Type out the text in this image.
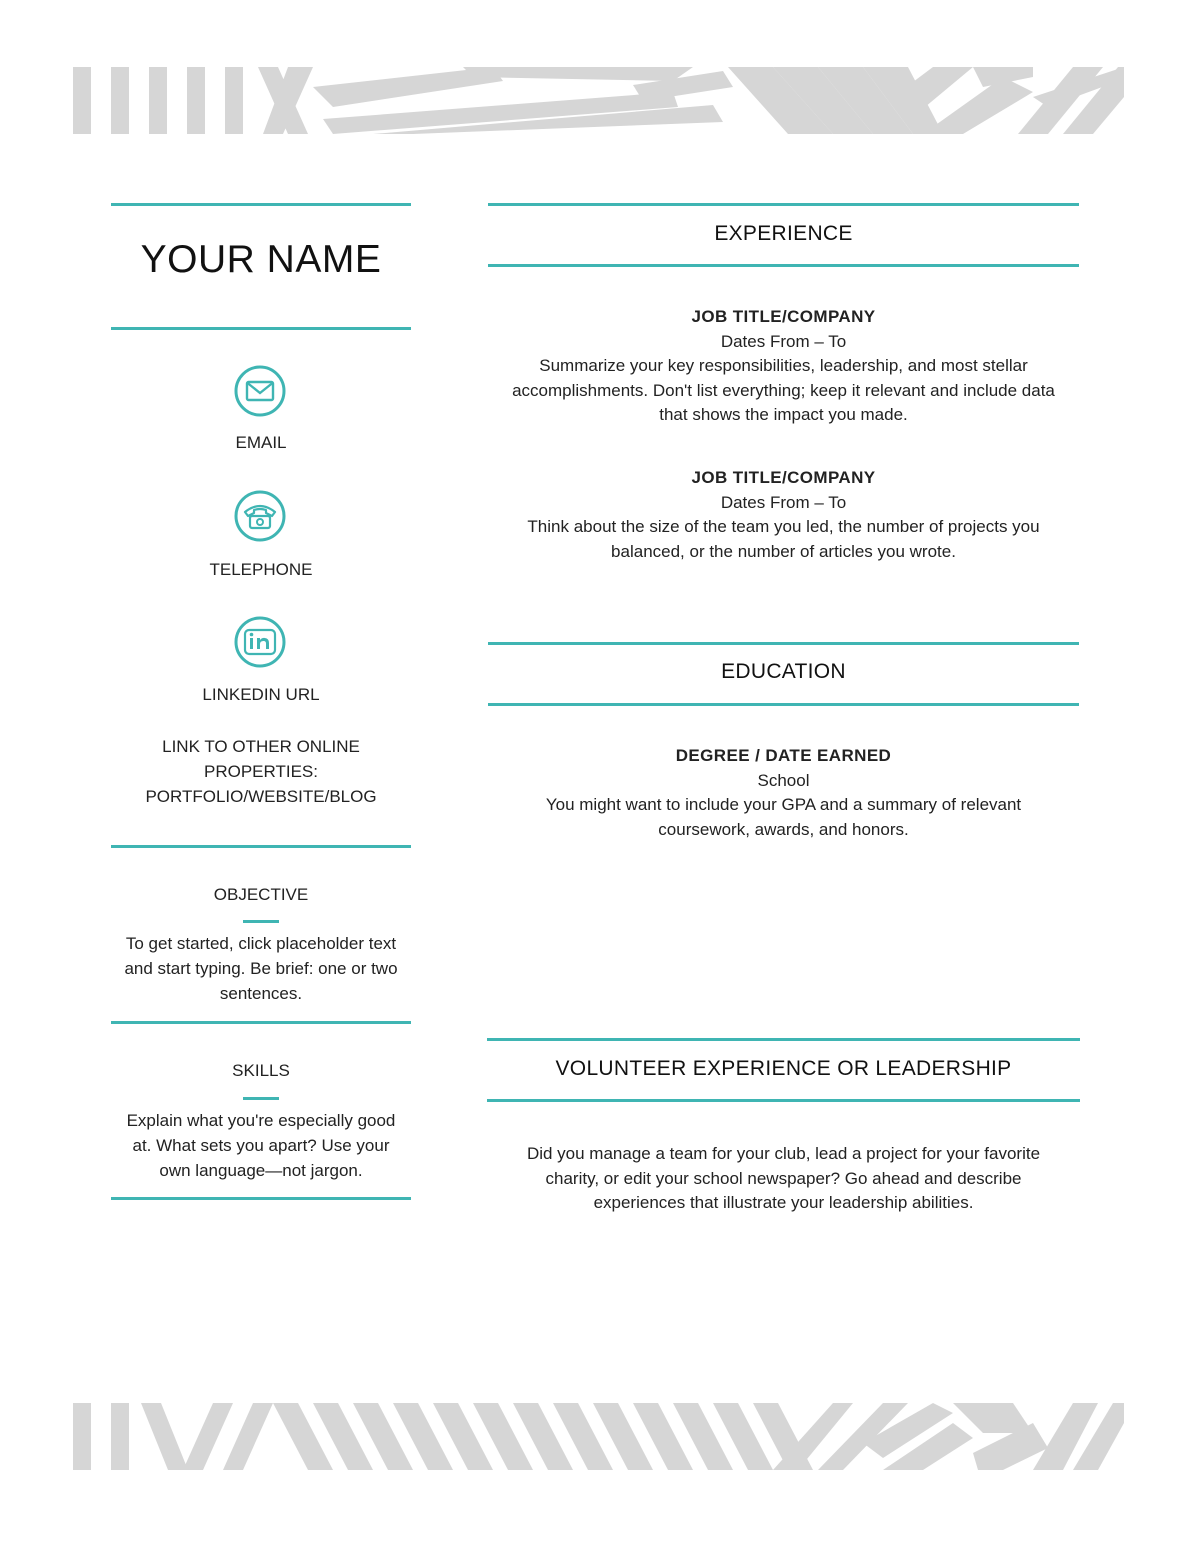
YOUR NAME
EMAIL
TELEPHONE
LINKEDIN URL
LINK TO OTHER ONLINE
PROPERTIES:
PORTFOLIO/WEBSITE/BLOG
OBJECTIVE
To get started, click placeholder text
and start typing. Be brief: one or two
sentences.
SKILLS
Explain what you're especially good
at. What sets you apart? Use your
own language—not jargon.
EXPERIENCE
JOB TITLE/COMPANY
Dates From – To
Summarize your key responsibilities, leadership, and most stellar
accomplishments. Don't list everything; keep it relevant and include data
that shows the impact you made.
JOB TITLE/COMPANY
Dates From – To
Think about the size of the team you led, the number of projects you
balanced, or the number of articles you wrote.
EDUCATION
DEGREE / DATE EARNED
School
You might want to include your GPA and a summary of relevant
coursework, awards, and honors.
VOLUNTEER EXPERIENCE OR LEADERSHIP
Did you manage a team for your club, lead a project for your favorite
charity, or edit your school newspaper? Go ahead and describe
experiences that illustrate your leadership abilities.
